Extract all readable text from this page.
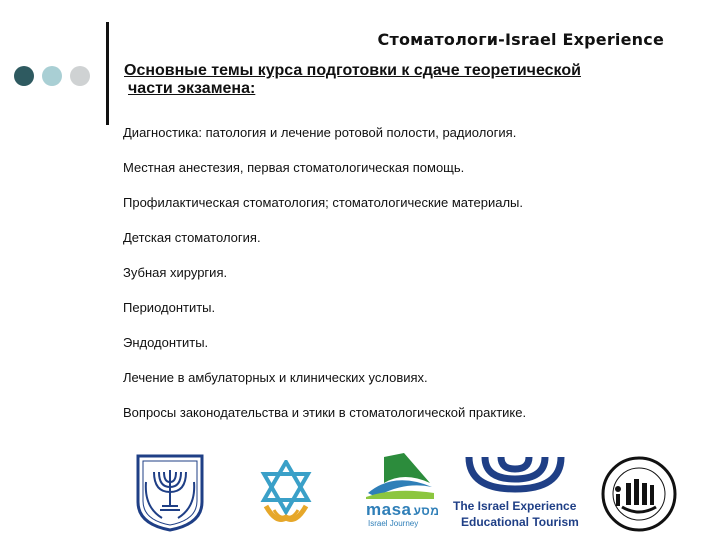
Стоматологи-Israel Experience
Основные темы курса подготовки к сдаче теоретической
части экзамена:
Диагностика: патология и лечение ротовой полости, радиология.
Местная анестезия, первая стоматологическая помощь.
Профилактическая стоматология; стоматологические материалы.
Детская стоматология.
Зубная хирургия.
Периодонтиты.
Эндодонтиты.
Лечение в амбулаторных и клинических условиях.
Вопросы законодательства и этики в стоматологической практике.
masa מסע
Israel Journey
The Israel Experience
Educational Tourism
